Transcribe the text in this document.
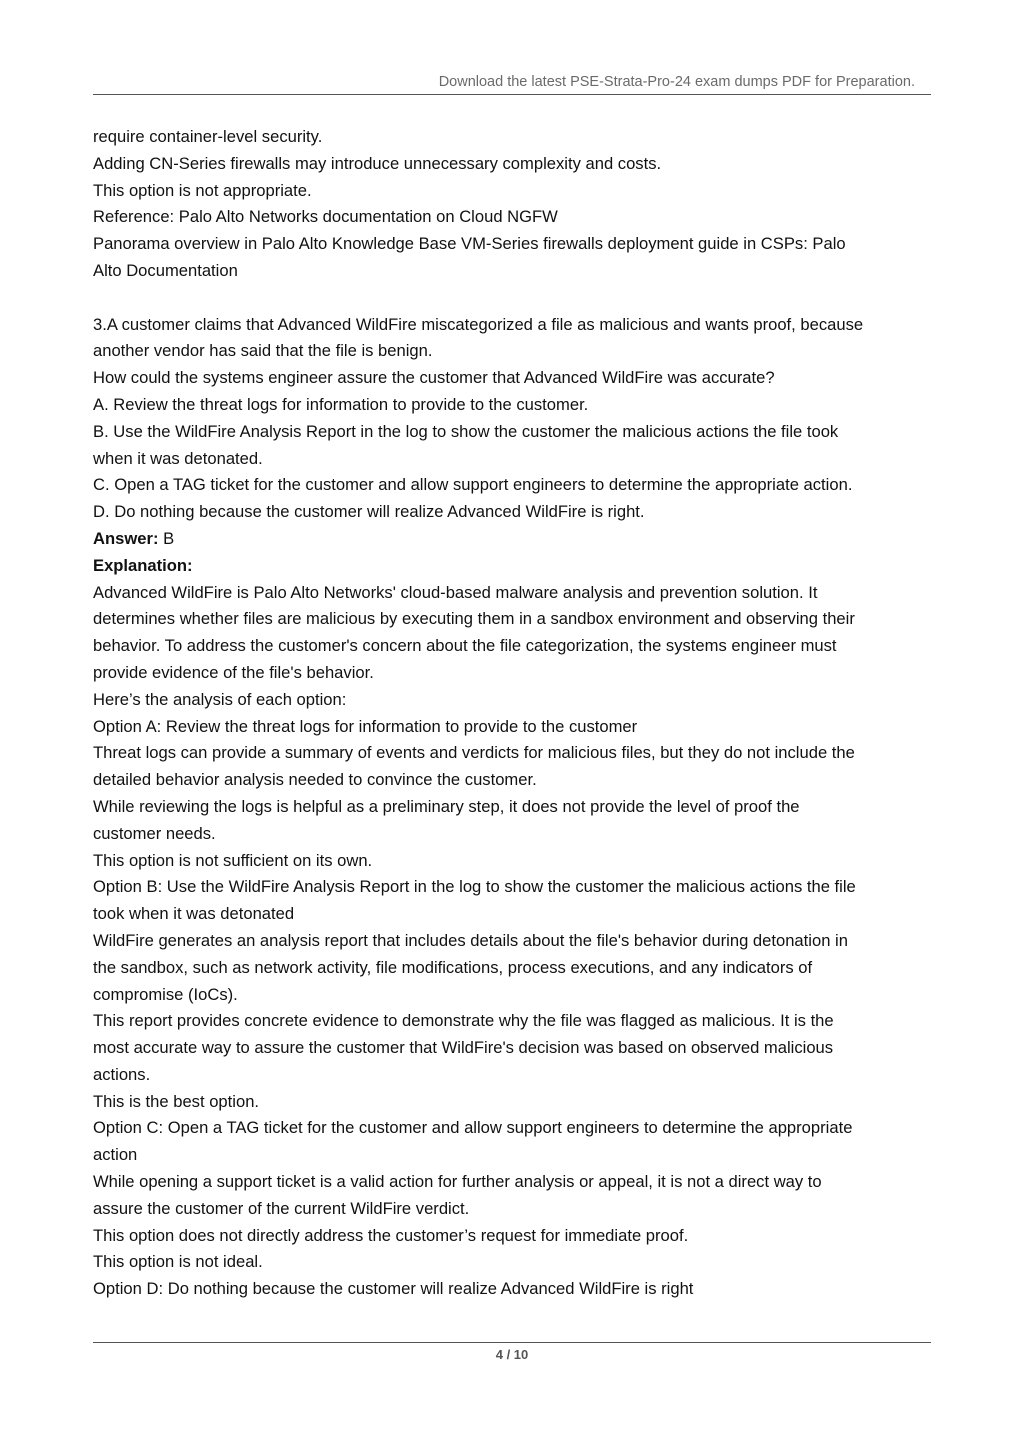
Download the latest PSE-Strata-Pro-24 exam dumps PDF for Preparation.
require container-level security.
Adding CN-Series firewalls may introduce unnecessary complexity and costs.
This option is not appropriate.
Reference: Palo Alto Networks documentation on Cloud NGFW
Panorama overview in Palo Alto Knowledge Base VM-Series firewalls deployment guide in CSPs: Palo
Alto Documentation
3.A customer claims that Advanced WildFire miscategorized a file as malicious and wants proof, because
another vendor has said that the file is benign.
How could the systems engineer assure the customer that Advanced WildFire was accurate?
A. Review the threat logs for information to provide to the customer.
B. Use the WildFire Analysis Report in the log to show the customer the malicious actions the file took
when it was detonated.
C. Open a TAG ticket for the customer and allow support engineers to determine the appropriate action.
D. Do nothing because the customer will realize Advanced WildFire is right.
Answer: B
Explanation:
Advanced WildFire is Palo Alto Networks' cloud-based malware analysis and prevention solution. It
determines whether files are malicious by executing them in a sandbox environment and observing their
behavior. To address the customer's concern about the file categorization, the systems engineer must
provide evidence of the file's behavior.
Here’s the analysis of each option:
Option A: Review the threat logs for information to provide to the customer
Threat logs can provide a summary of events and verdicts for malicious files, but they do not include the
detailed behavior analysis needed to convince the customer.
While reviewing the logs is helpful as a preliminary step, it does not provide the level of proof the
customer needs.
This option is not sufficient on its own.
Option B: Use the WildFire Analysis Report in the log to show the customer the malicious actions the file
took when it was detonated
WildFire generates an analysis report that includes details about the file's behavior during detonation in
the sandbox, such as network activity, file modifications, process executions, and any indicators of
compromise (IoCs).
This report provides concrete evidence to demonstrate why the file was flagged as malicious. It is the
most accurate way to assure the customer that WildFire's decision was based on observed malicious
actions.
This is the best option.
Option C: Open a TAG ticket for the customer and allow support engineers to determine the appropriate
action
While opening a support ticket is a valid action for further analysis or appeal, it is not a direct way to
assure the customer of the current WildFire verdict.
This option does not directly address the customer’s request for immediate proof.
This option is not ideal.
Option D: Do nothing because the customer will realize Advanced WildFire is right
4 / 10
